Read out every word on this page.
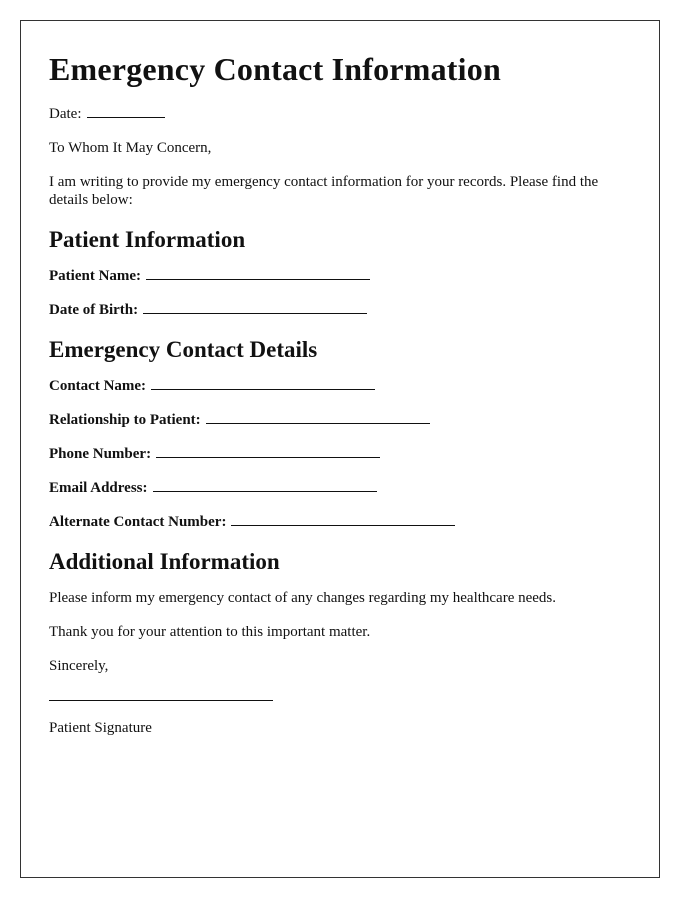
Emergency Contact Information

Date:

To Whom It May Concern,

I am writing to provide my emergency contact information for your records. Please find the details below:

Patient Information
Patient Name:
Date of Birth:
Emergency Contact Details
Contact Name:
Relationship to Patient:
Phone Number:
Email Address:
Alternate Contact Number:
Additional Information

Please inform my emergency contact of any changes regarding my healthcare needs.

Thank you for your attention to this important matter.

Sincerely,

Patient Signature
